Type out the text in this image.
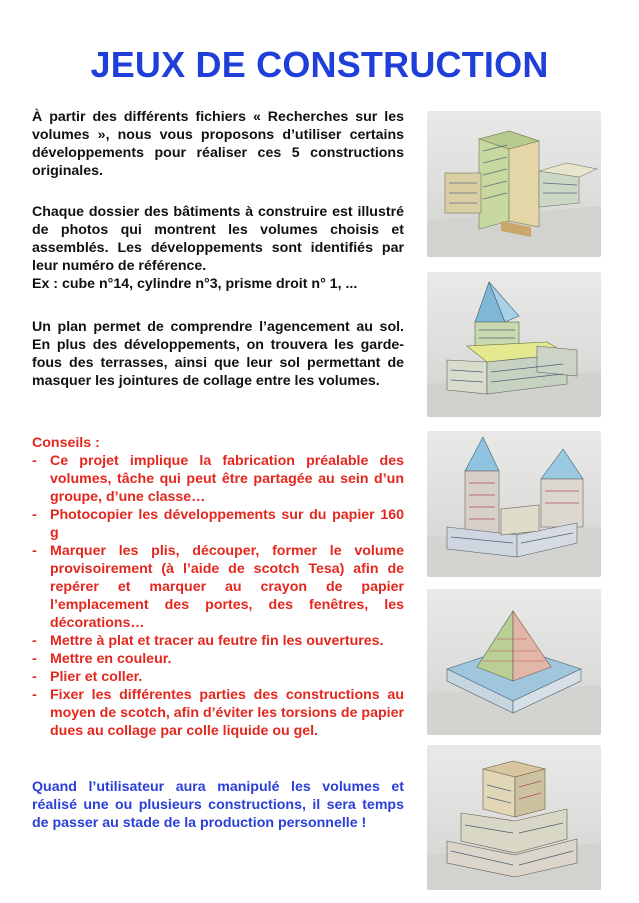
JEUX DE CONSTRUCTION

À partir des différents fichiers « Recherches sur les volumes », nous vous proposons d’utiliser certains développements pour réaliser ces 5 constructions originales.

Chaque dossier des bâtiments à construire est illustré de photos qui montrent les volumes choisis et assemblés. Les développements sont identifiés par leur numéro de référence.

Ex : cube n°14, cylindre n°3, prisme droit n° 1, ...

Un plan permet de comprendre l’agencement au sol. En plus des développements, on trouvera les garde-fous des terrasses, ainsi que leur sol permettant de masquer les jointures de collage entre les volumes.

Conseils :

- Ce projet implique la fabrication préalable des volumes, tâche qui peut être partagée au sein d’un groupe, d’une classe…
- Photocopier les développements sur du papier 160 g
- Marquer les plis, découper, former le volume provisoirement (à l’aide de scotch Tesa) afin de repérer et marquer au crayon de papier l’emplacement des portes, des fenêtres, les décorations…
- Mettre à plat et tracer au feutre fin les ouvertures.
- Mettre en couleur.
- Plier et coller.
- Fixer les différentes parties des constructions au moyen de scotch, afin d’éviter les torsions de papier dues au collage par colle liquide ou gel.

Quand l’utilisateur aura manipulé les volumes et réalisé une ou plusieurs constructions, il sera temps de passer au stade de la production personnelle !
